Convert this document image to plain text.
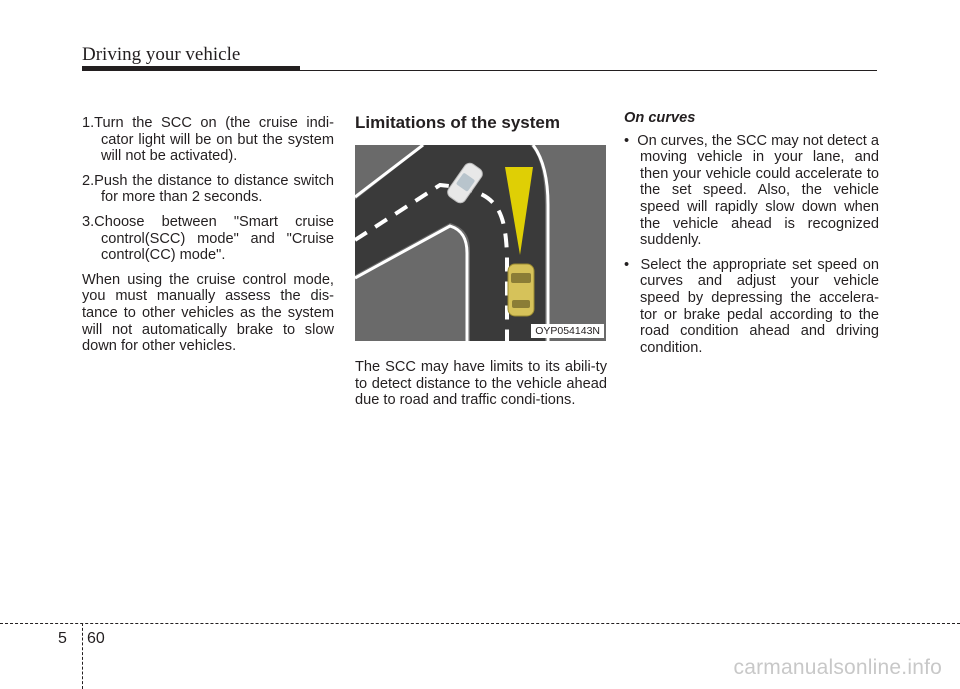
Driving your vehicle

1.Turn the SCC on (the cruise indi-cator light will be on but the system will not be activated).

2.Push the distance to distance switch for more than 2 seconds.

3.Choose between "Smart cruise control(SCC) mode" and "Cruise control(CC) mode".

When using the cruise control mode, you must manually assess the dis-tance to other vehicles as the system will not automatically brake to slow down for other vehicles.

Limitations of the system
OYP054143N

The SCC may have limits to its abili-ty to detect distance to the vehicle ahead due to road and traffic condi-tions.

On curves

•  On curves, the SCC may not detect a moving vehicle in your lane, and then your vehicle could accelerate to the set speed. Also, the vehicle speed will rapidly slow down when the vehicle ahead is recognized suddenly.

•  Select the appropriate set speed on curves and adjust your vehicle speed by depressing the accelera-tor or brake pedal according to the road condition ahead and driving condition.

5 60
carmanualsonline.info
